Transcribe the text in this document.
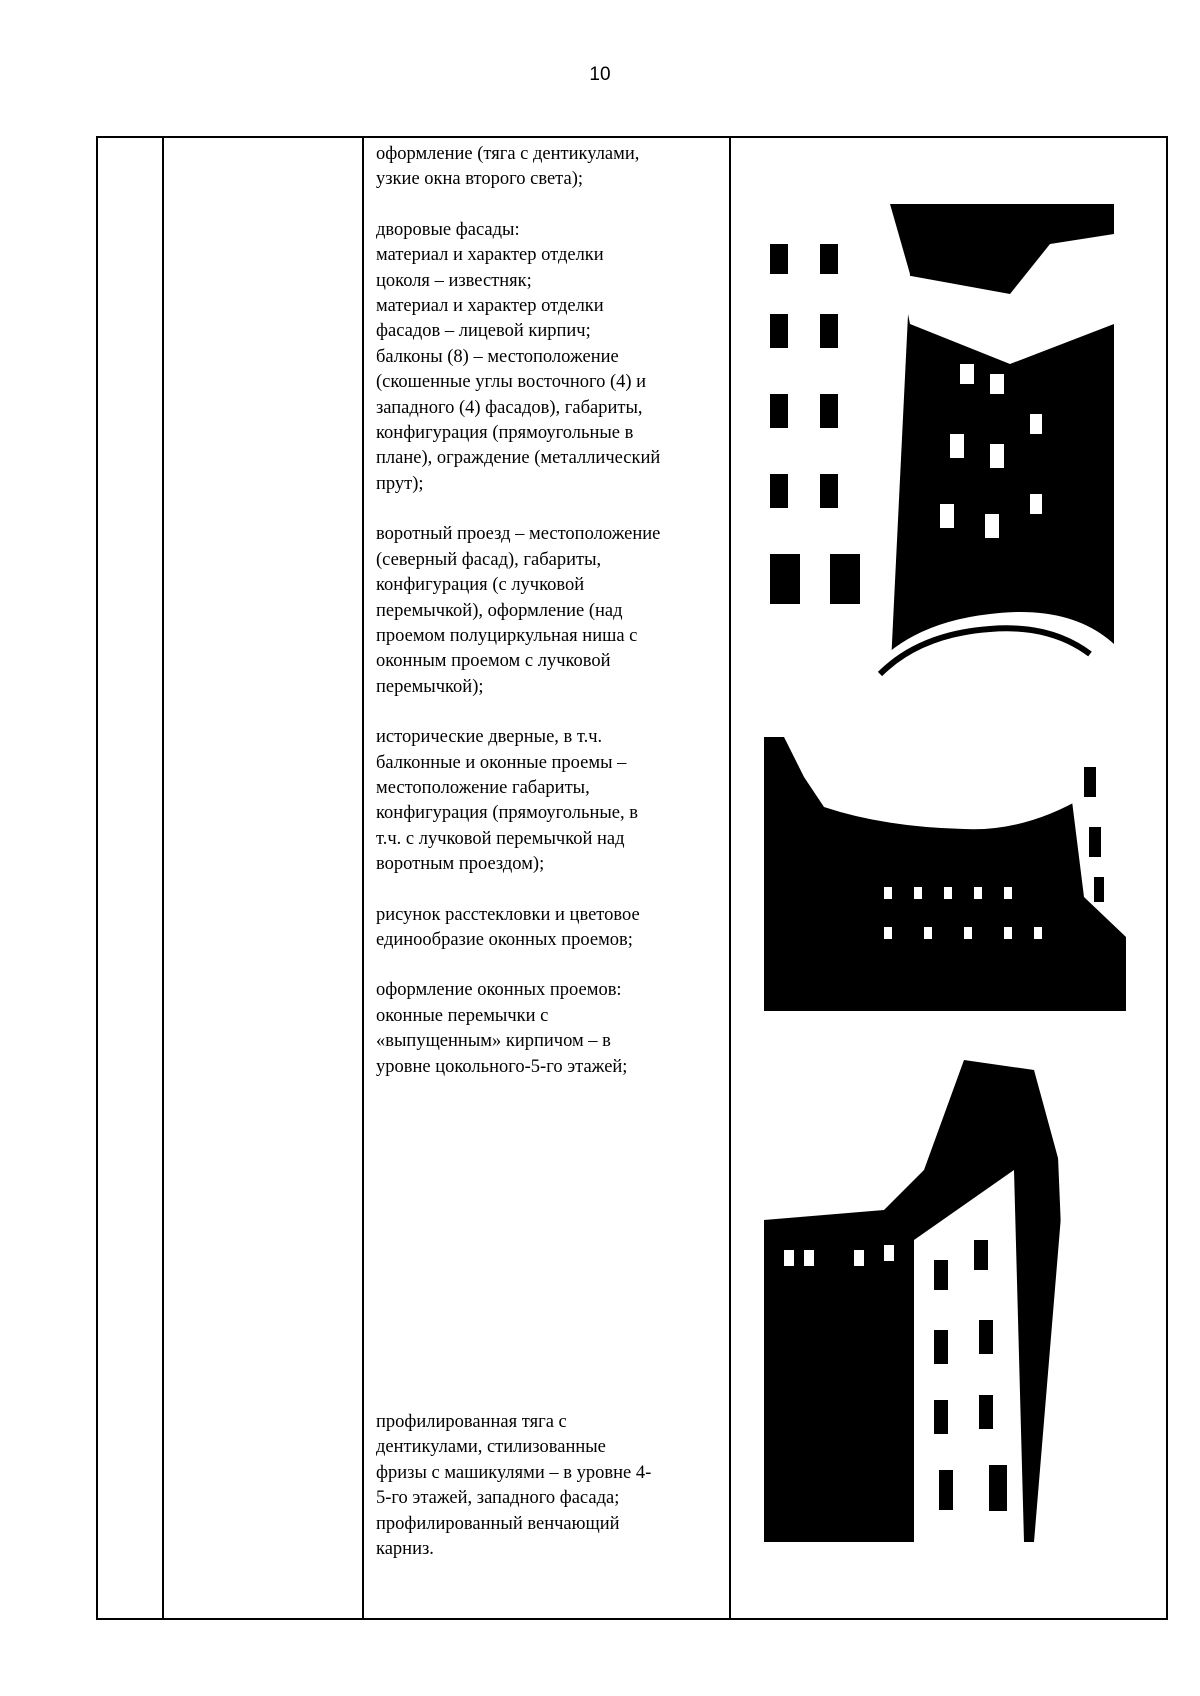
10

оформление (тяга с дентикулами,
узкие окна второго света);

дворовые фасады:
материал и характер отделки
цоколя – известняк;
материал и характер отделки
фасадов – лицевой кирпич;
балконы (8) – местоположение
(скошенные углы восточного (4) и
западного (4) фасадов), габариты,
конфигурация (прямоугольные в
плане), ограждение (металлический
прут);

воротный проезд – местоположение
(северный фасад), габариты,
конфигурация (с лучковой
перемычкой), оформление (над
проемом полуциркульная ниша с
оконным проемом с лучковой
перемычкой);

исторические дверные, в т.ч.
балконные и оконные проемы –
местоположение габариты,
конфигурация (прямоугольные, в
т.ч. с лучковой перемычкой над
воротным проездом);

рисунок расстекловки и цветовое
единообразие оконных проемов;

оформление оконных проемов:
оконные перемычки с
«выпущенным» кирпичом – в
уровне цокольного-5-го этажей;

профилированная тяга с
дентикулами, стилизованные
фризы с машикулями – в уровне 4-
5-го этажей, западного фасада;
профилированный венчающий
карниз.
